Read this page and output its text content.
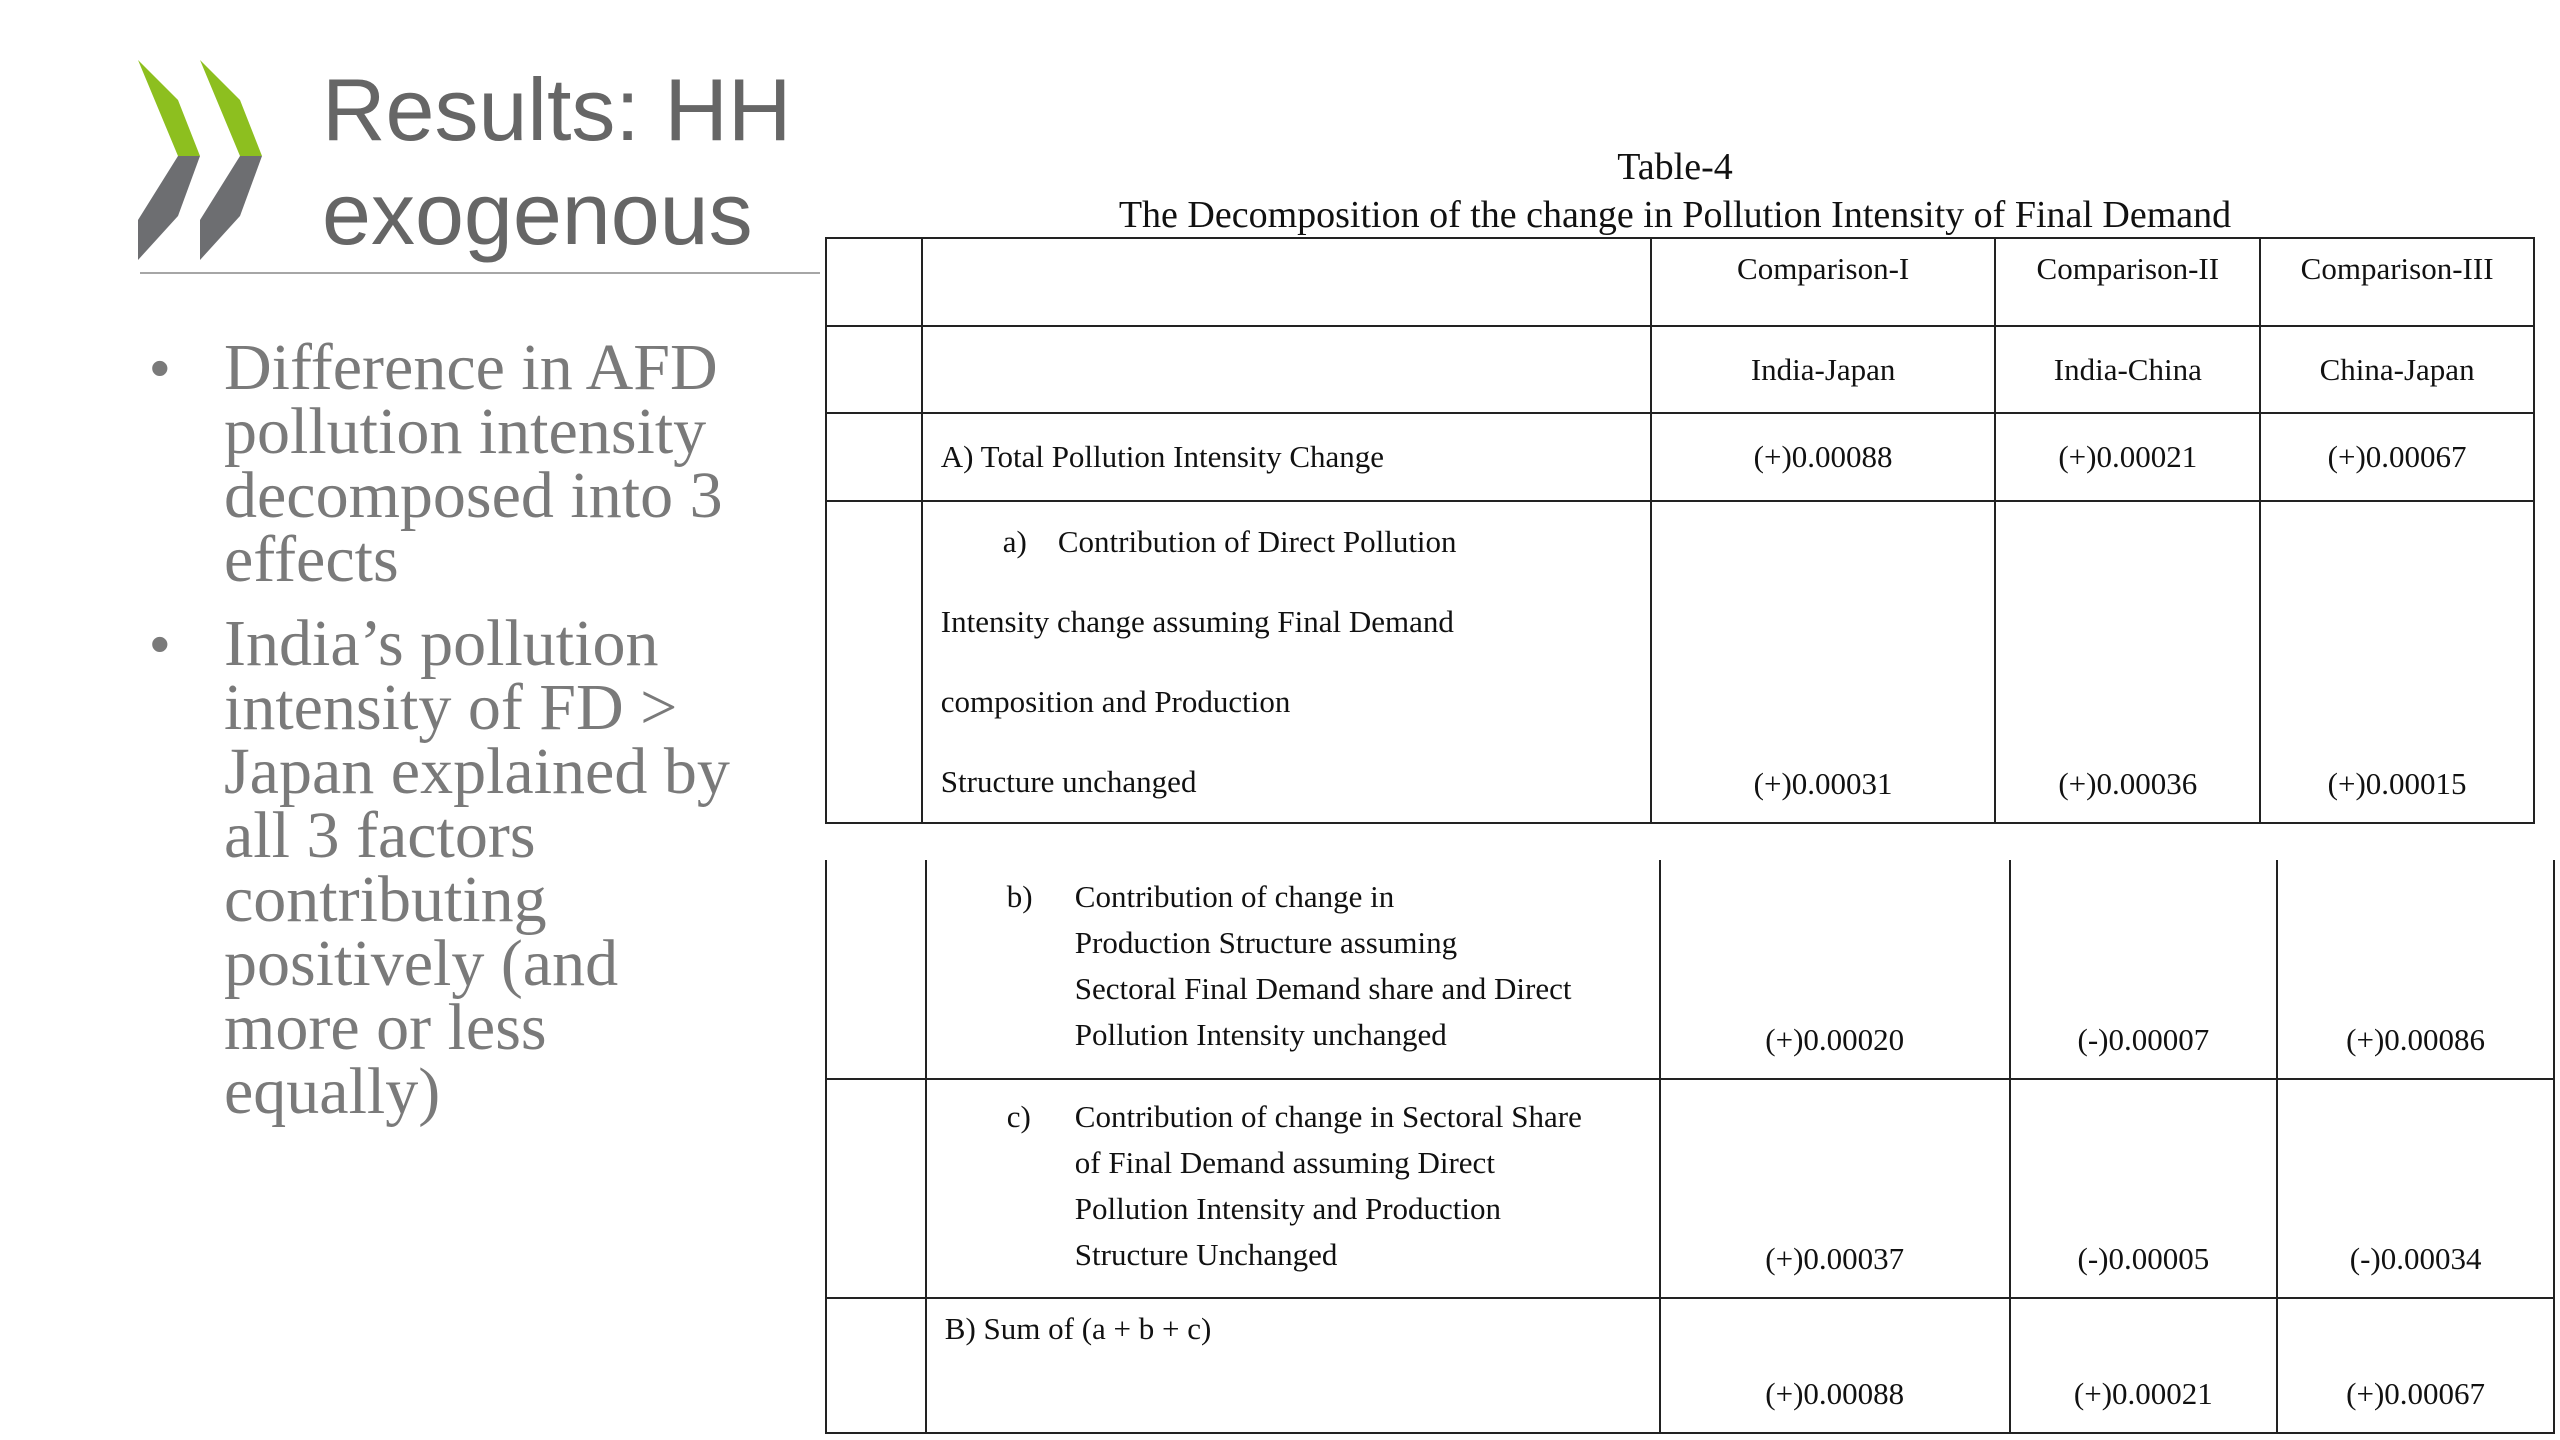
Results: HH
exogenous
• Difference in AFD pollution intensity decomposed into 3 effects
• India’s pollution intensity of FD > Japan explained by all 3 factors contributing positively (and more or less equally)
Table-4
The Decomposition of the change in Pollution Intensity of Final Demand
		Comparison-I	Comparison-II	Comparison-III
		India-Japan	India-China	China-Japan
	A) Total Pollution Intensity Change	(+)0.00088	(+)0.00021	(+)0.00067

	a) Contribution of Direct Pollution
Intensity change assuming Final Demand
composition and Production
Structure unchanged	(+)0.00031	(+)0.00036	(+)0.00015

	b) Contribution of change in
Production Structure assuming
Sectoral Final Demand share and Direct
Pollution Intensity unchanged	(+)0.00020	(-)0.00007	(+)0.00086

	c) Contribution of change in Sectoral Share
of Final Demand assuming Direct
Pollution Intensity and Production
Structure Unchanged	(+)0.00037	(-)0.00005	(-)0.00034
	B) Sum of (a + b + c)	(+)0.00088	(+)0.00021	(+)0.00067
